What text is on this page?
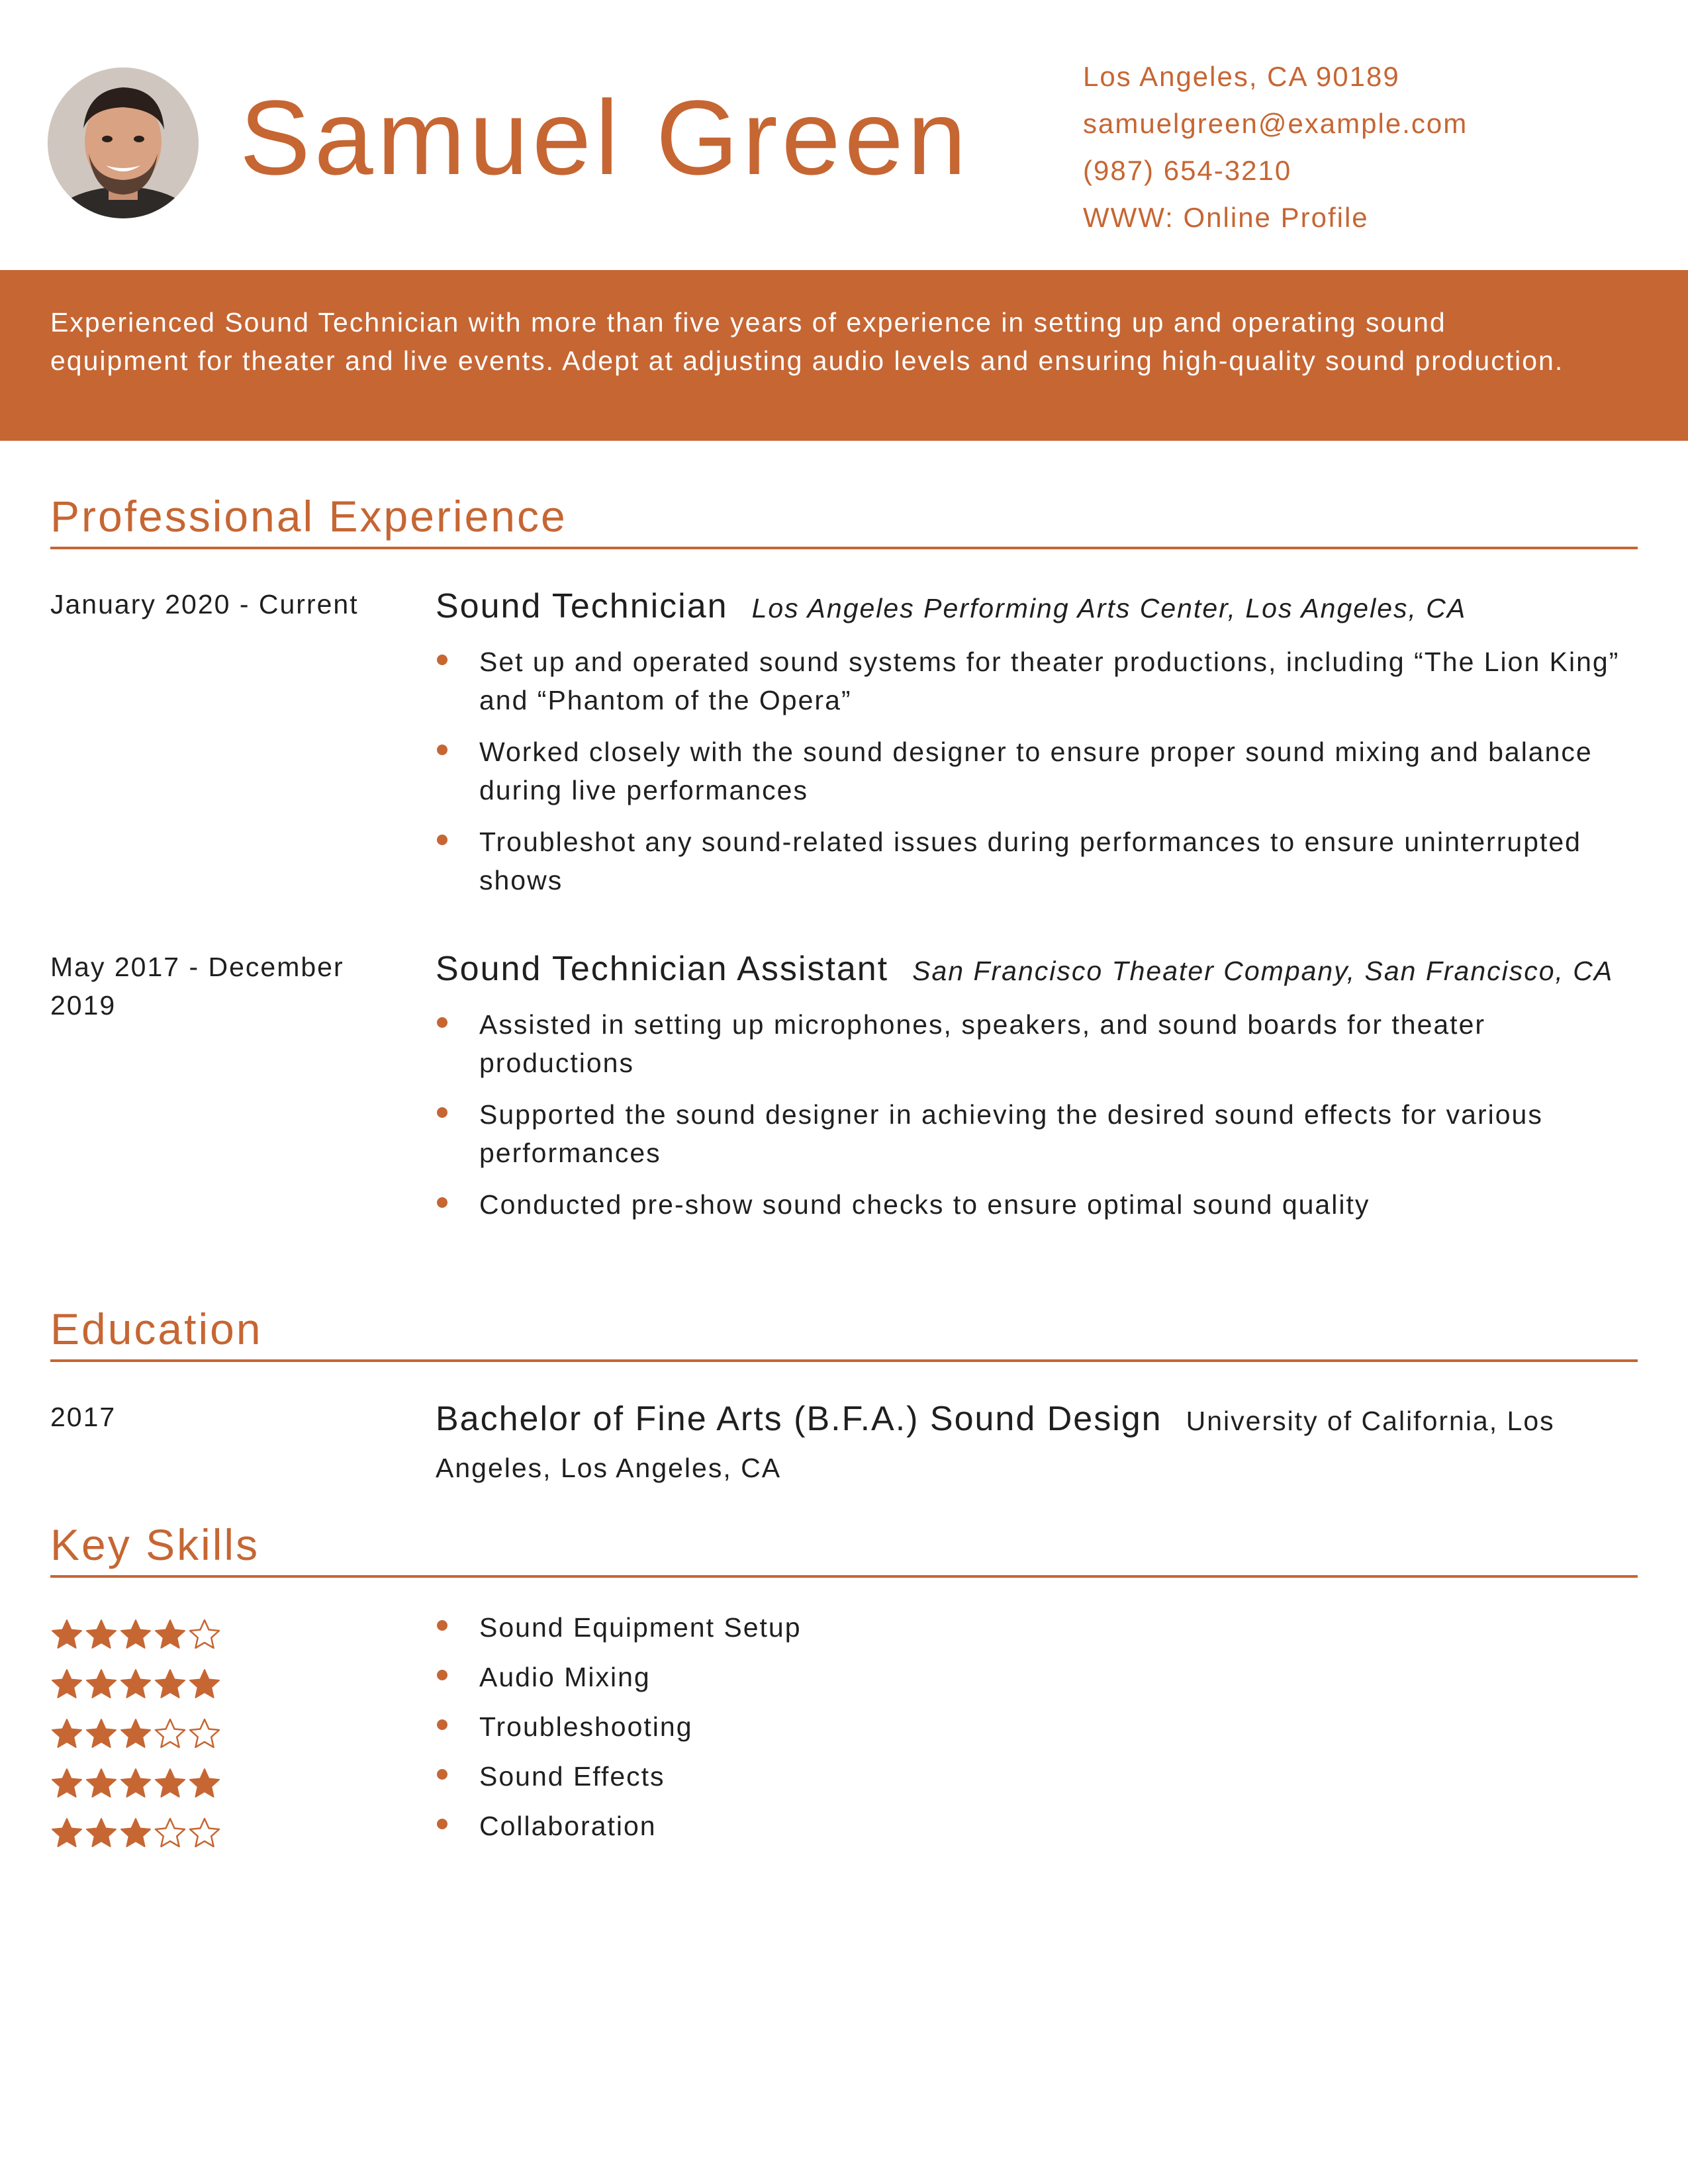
Samuel Green
Los Angeles, CA 90189
samuelgreen@example.com
(987) 654-3210
WWW: Online Profile

Experienced Sound Technician with more than five years of experience in setting up and operating sound equipment for theater and live events. Adept at adjusting audio levels and ensuring high-quality sound production.

Professional Experience
January 2020 - Current	Sound Technician Los Angeles Performing Arts Center, Los Angeles, CA
Set up and operated sound systems for theater productions, including “The Lion King” and “Phantom of the Opera”
Worked closely with the sound designer to ensure proper sound mixing and balance during live performances
Troubleshot any sound-related issues during performances to ensure uninterrupted shows
May 2017 - December 2019
Sound Technician Assistant San Francisco Theater Company, San Francisco, CA
Assisted in setting up microphones, speakers, and sound boards for theater productions
Supported the sound designer in achieving the desired sound effects for various performances
Conducted pre-show sound checks to ensure optimal sound quality
Education
2017	Bachelor of Fine Arts (B.F.A.) Sound Design University of California, Los Angeles, Los Angeles, CA
Key Skills
Sound Equipment Setup
Audio Mixing
Troubleshooting
Sound Effects
Collaboration
